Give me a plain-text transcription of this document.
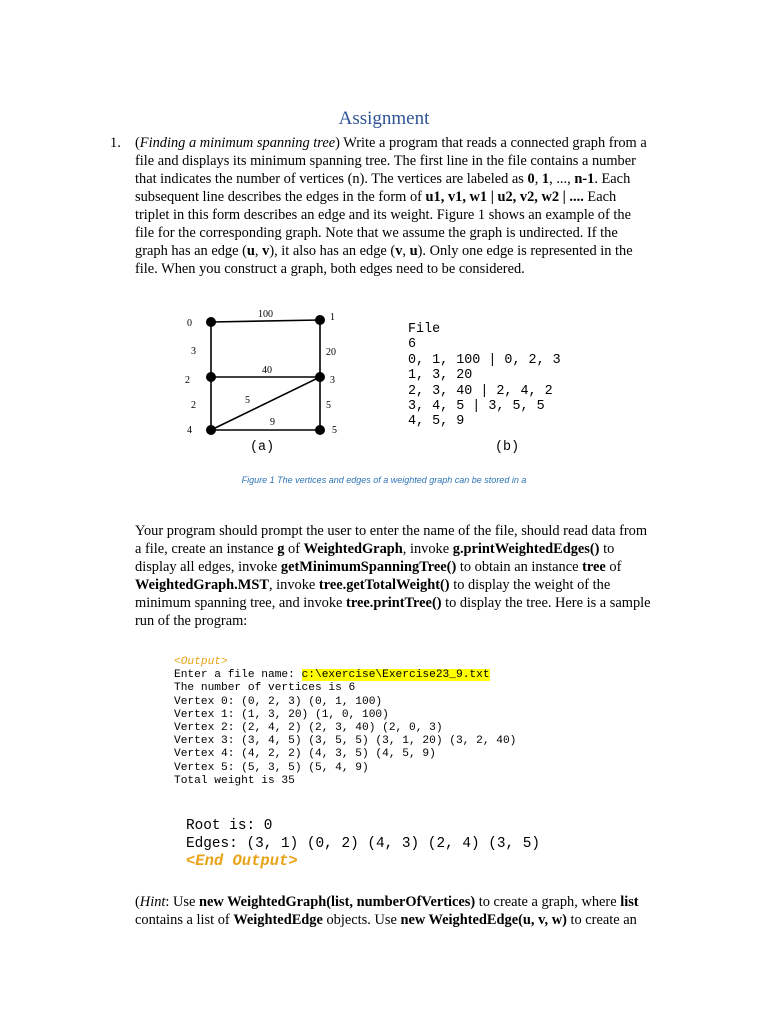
Assignment
1. (Finding a minimum spanning tree) Write a program that reads a connected graph from a

file and displays its minimum spanning tree. The first line in the file contains a number

that indicates the number of vertices (n). The vertices are labeled as 0, 1, ..., n-1. Each

subsequent line describes the edges in the form of u1, v1, w1 | u2, v2, w2 | .... Each

triplet in this form describes an edge and its weight. Figure 1 shows an example of the

file for the corresponding graph. Note that we assume the graph is undirected. If the

graph has an edge (u, v), it also has an edge (v, u). Only one edge is represented in the

file. When you construct a graph, both edges need to be considered.

0
1
2	3
4	5
100
3	20
40
2	5	5
9
File
6
0, 1, 100 | 0, 2, 3
1, 3, 20
2, 3, 40 | 2, 4, 2
3, 4, 5 | 3, 5, 5
4, 5, 9
(a)	(b)
Figure 1 The vertices and edges of a weighted graph can be stored in a

Your program should prompt the user to enter the name of the file, should read data from

a file, create an instance g of WeightedGraph, invoke g.printWeightedEdges() to

display all edges, invoke getMinimumSpanningTree() to obtain an instance tree of

WeightedGraph.MST, invoke tree.getTotalWeight() to display the weight of the

minimum spanning tree, and invoke tree.printTree() to display the tree. Here is a sample

run of the program:

<Output>
Enter a file name: c:\exercise\Exercise23_9.txt
The number of vertices is 6
Vertex 0: (0, 2, 3) (0, 1, 100)
Vertex 1: (1, 3, 20) (1, 0, 100)
Vertex 2: (2, 4, 2) (2, 3, 40) (2, 0, 3)
Vertex 3: (3, 4, 5) (3, 5, 5) (3, 1, 20) (3, 2, 40)
Vertex 4: (4, 2, 2) (4, 3, 5) (4, 5, 9)
Vertex 5: (5, 3, 5) (5, 4, 9)
Total weight is 35
Root is: 0
Edges: (3, 1) (0, 2) (4, 3) (2, 4) (3, 5)
<End Output>

(Hint: Use new WeightedGraph(list, numberOfVertices) to create a graph, where list

contains a list of WeightedEdge objects. Use new WeightedEdge(u, v, w) to create an
